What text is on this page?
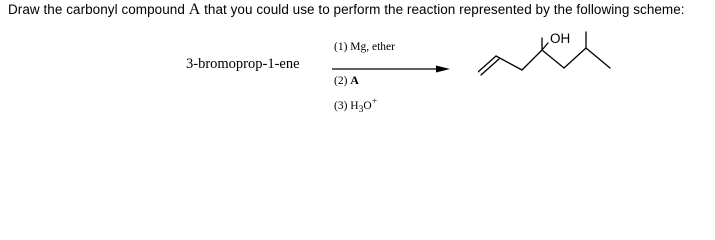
Draw the carbonyl compound A that you could use to perform the reaction represented by the following scheme:
3-bromoprop-1-ene
(1) Mg, ether
(2) A
(3) $H_3O^+$
OH
